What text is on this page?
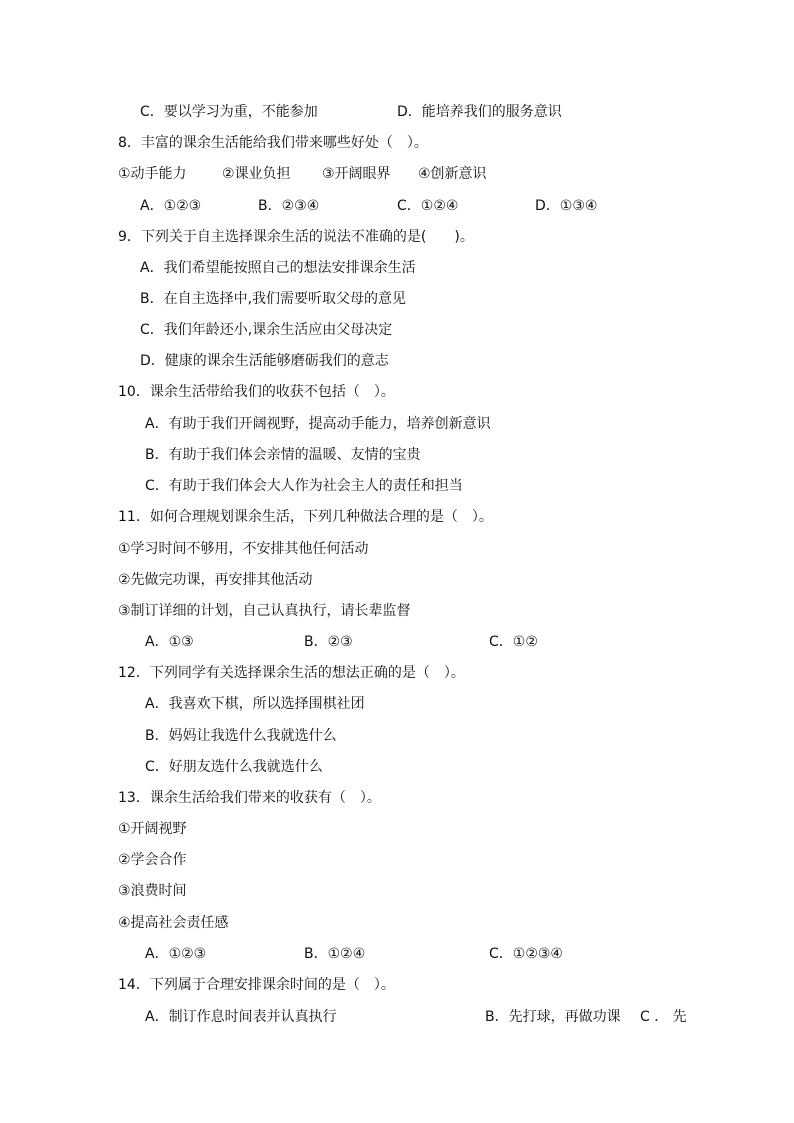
C．要以学习为重，不能参加	D．能培养我们的服务意识
8．丰富的课余生活能给我们带来哪些好处（　）。
①动手能力	②课业负担 ③开阔眼界 ④创新意识
A．①②③	B．②③④	C．①②④	D．①③④
9．下列关于自主选择课余生活的说法不准确的是(　　)。
A．我们希望能按照自己的想法安排课余生活
B．在自主选择中,我们需要听取父母的意见
C．我们年龄还小,课余生活应由父母决定
D．健康的课余生活能够磨砺我们的意志
10．课余生活带给我们的收获不包括（　）。
A．有助于我们开阔视野，提高动手能力，培养创新意识
B．有助于我们体会亲情的温暖、友情的宝贵
C．有助于我们体会大人作为社会主人的责任和担当
11．如何合理规划课余生活，下列几种做法合理的是（　）。
①学习时间不够用，不安排其他任何活动
②先做完功课，再安排其他活动
③制订详细的计划，自己认真执行，请长辈监督
A．①③	B．②③	C．①②
12．下列同学有关选择课余生活的想法正确的是（　）。
A．我喜欢下棋，所以选择围棋社团
B．妈妈让我选什么我就选什么
C．好朋友选什么我就选什么
13．课余生活给我们带来的收获有（　）。
①开阔视野
②学会合作
③浪费时间
④提高社会责任感
A．①②③	B．①②④	C．①②③④
14．下列属于合理安排课余时间的是（　）。
A．制订作息时间表并认真执行	B．先打球，再做功课 C ． 先
